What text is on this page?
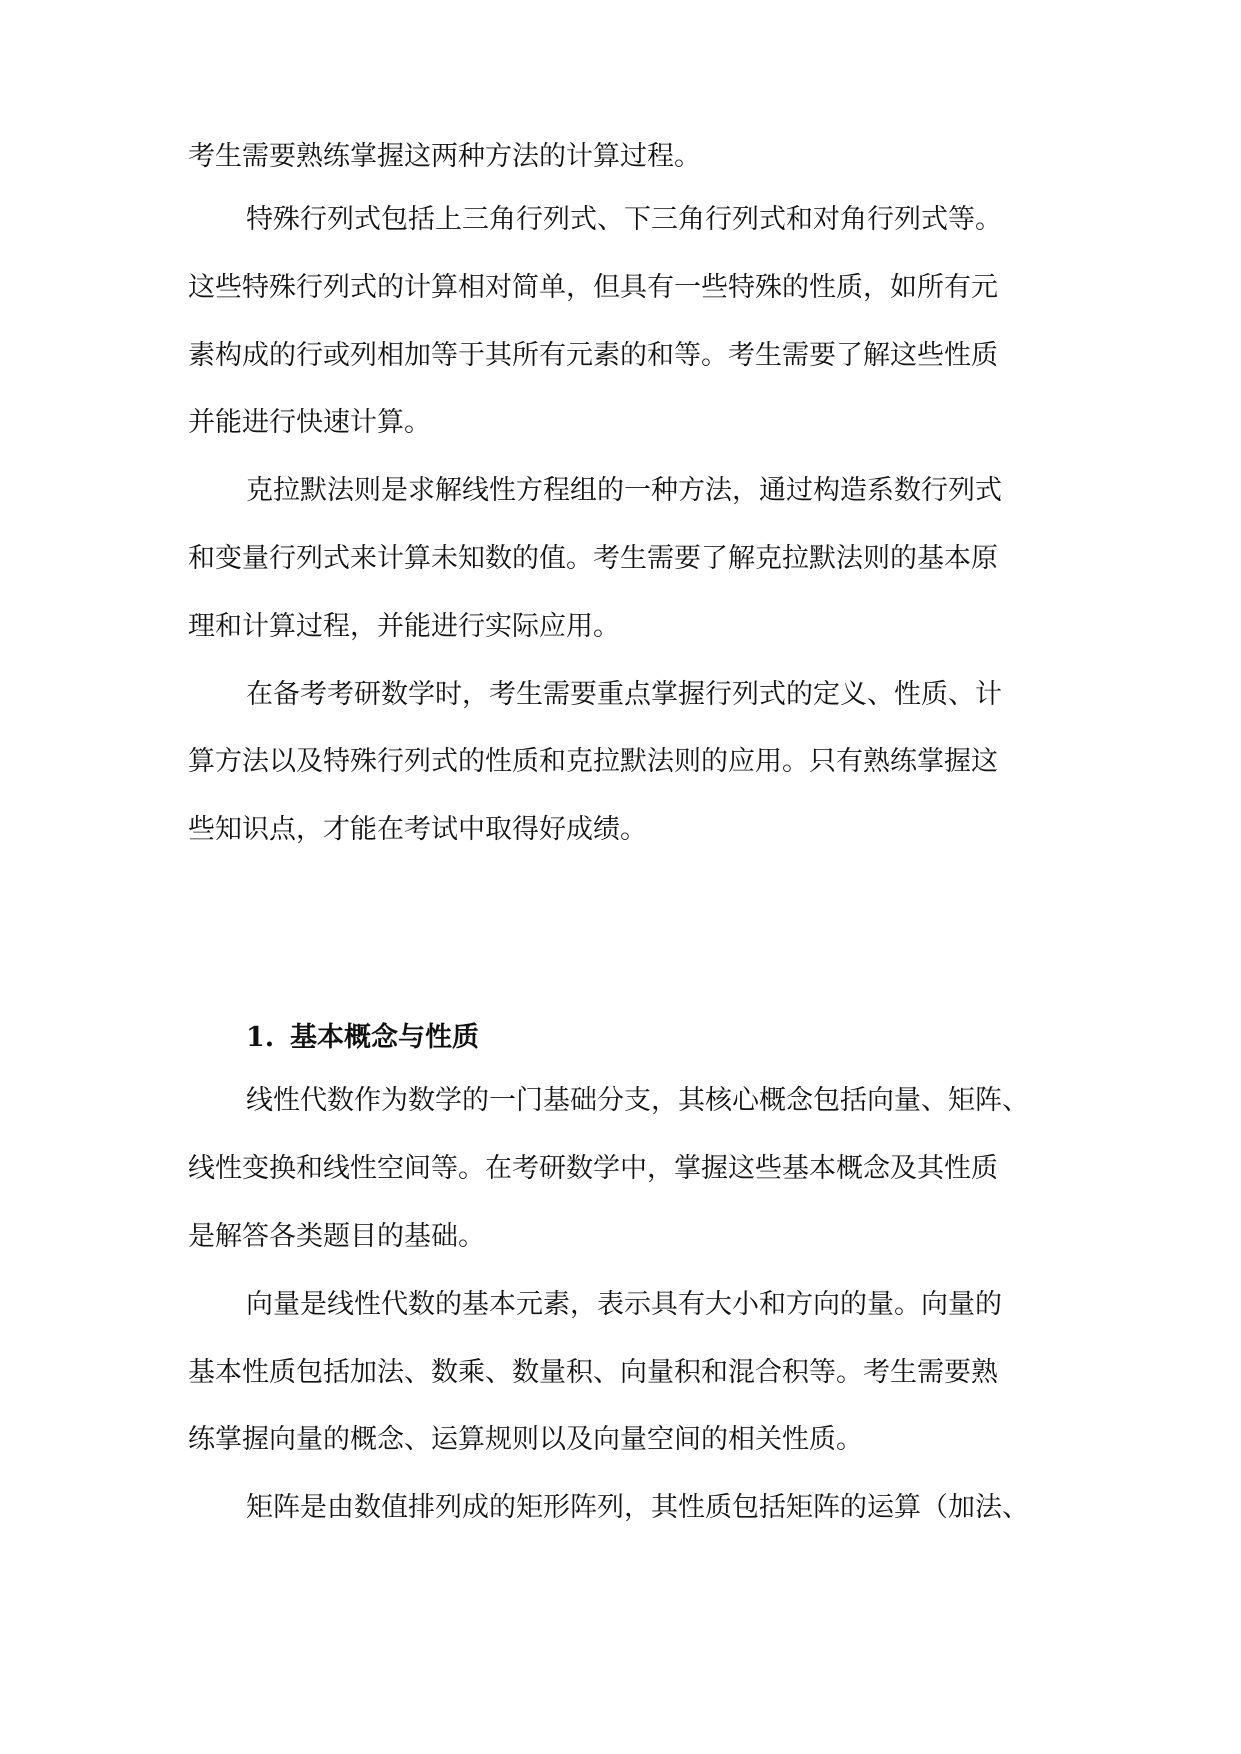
考生需要熟练掌握这两种方法的计算过程。
特殊行列式包括上三角行列式、下三角行列式和对角行列式等。
这些特殊行列式的计算相对简单，但具有一些特殊的性质，如所有元
素构成的行或列相加等于其所有元素的和等。考生需要了解这些性质
并能进行快速计算。
克拉默法则是求解线性方程组的一种方法，通过构造系数行列式
和变量行列式来计算未知数的值。考生需要了解克拉默法则的基本原
理和计算过程，并能进行实际应用。
在备考考研数学时，考生需要重点掌握行列式的定义、性质、计
算方法以及特殊行列式的性质和克拉默法则的应用。只有熟练掌握这
些知识点，才能在考试中取得好成绩。
1. 基本概念与性质
线性代数作为数学的一门基础分支，其核心概念包括向量、矩阵、
线性变换和线性空间等。在考研数学中，掌握这些基本概念及其性质
是解答各类题目的基础。
向量是线性代数的基本元素，表示具有大小和方向的量。向量的
基本性质包括加法、数乘、数量积、向量积和混合积等。考生需要熟
练掌握向量的概念、运算规则以及向量空间的相关性质。
矩阵是由数值排列成的矩形阵列，其性质包括矩阵的运算（加法、
